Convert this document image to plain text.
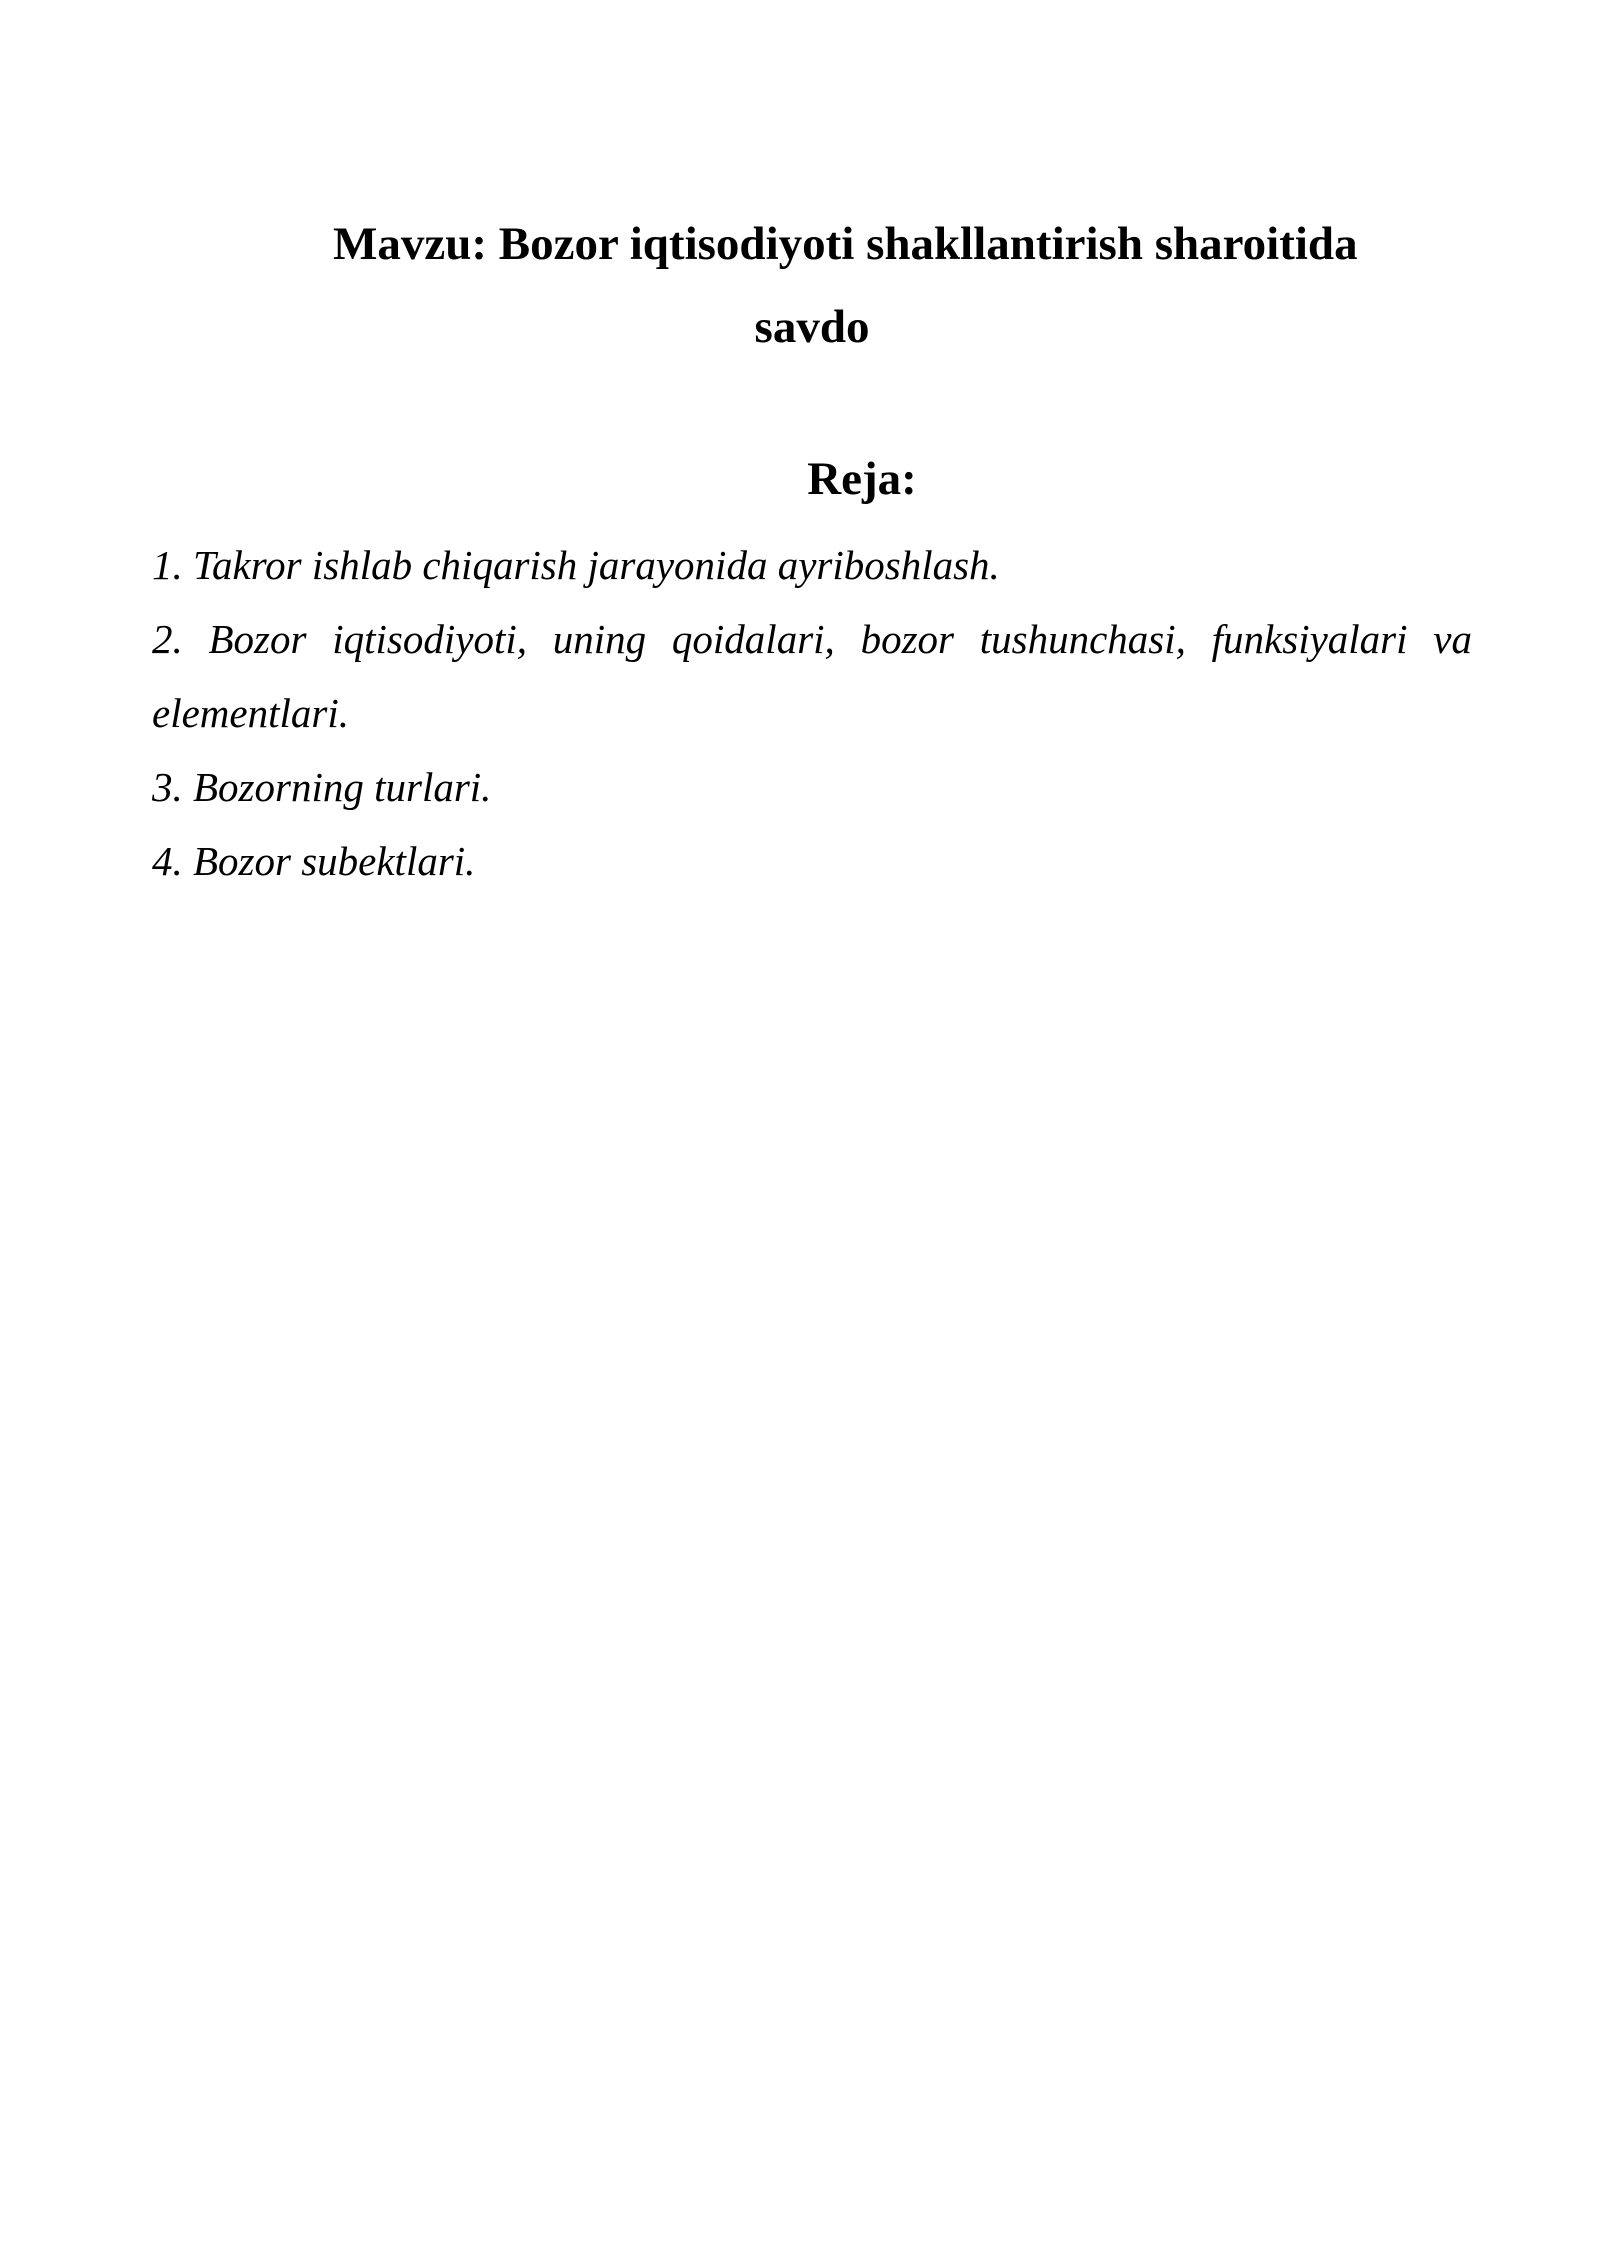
Mavzu: Bozor iqtisodiyoti shakllantirish sharoitida
savdo
Reja:
1. Takror ishlab chiqarish jarayonida ayriboshlash.
2. Bozor iqtisodiyoti, uning qoidalari, bozor tushunchasi, funksiyalari va elementlari.
3. Bozorning turlari.
4. Bozor subektlari.
